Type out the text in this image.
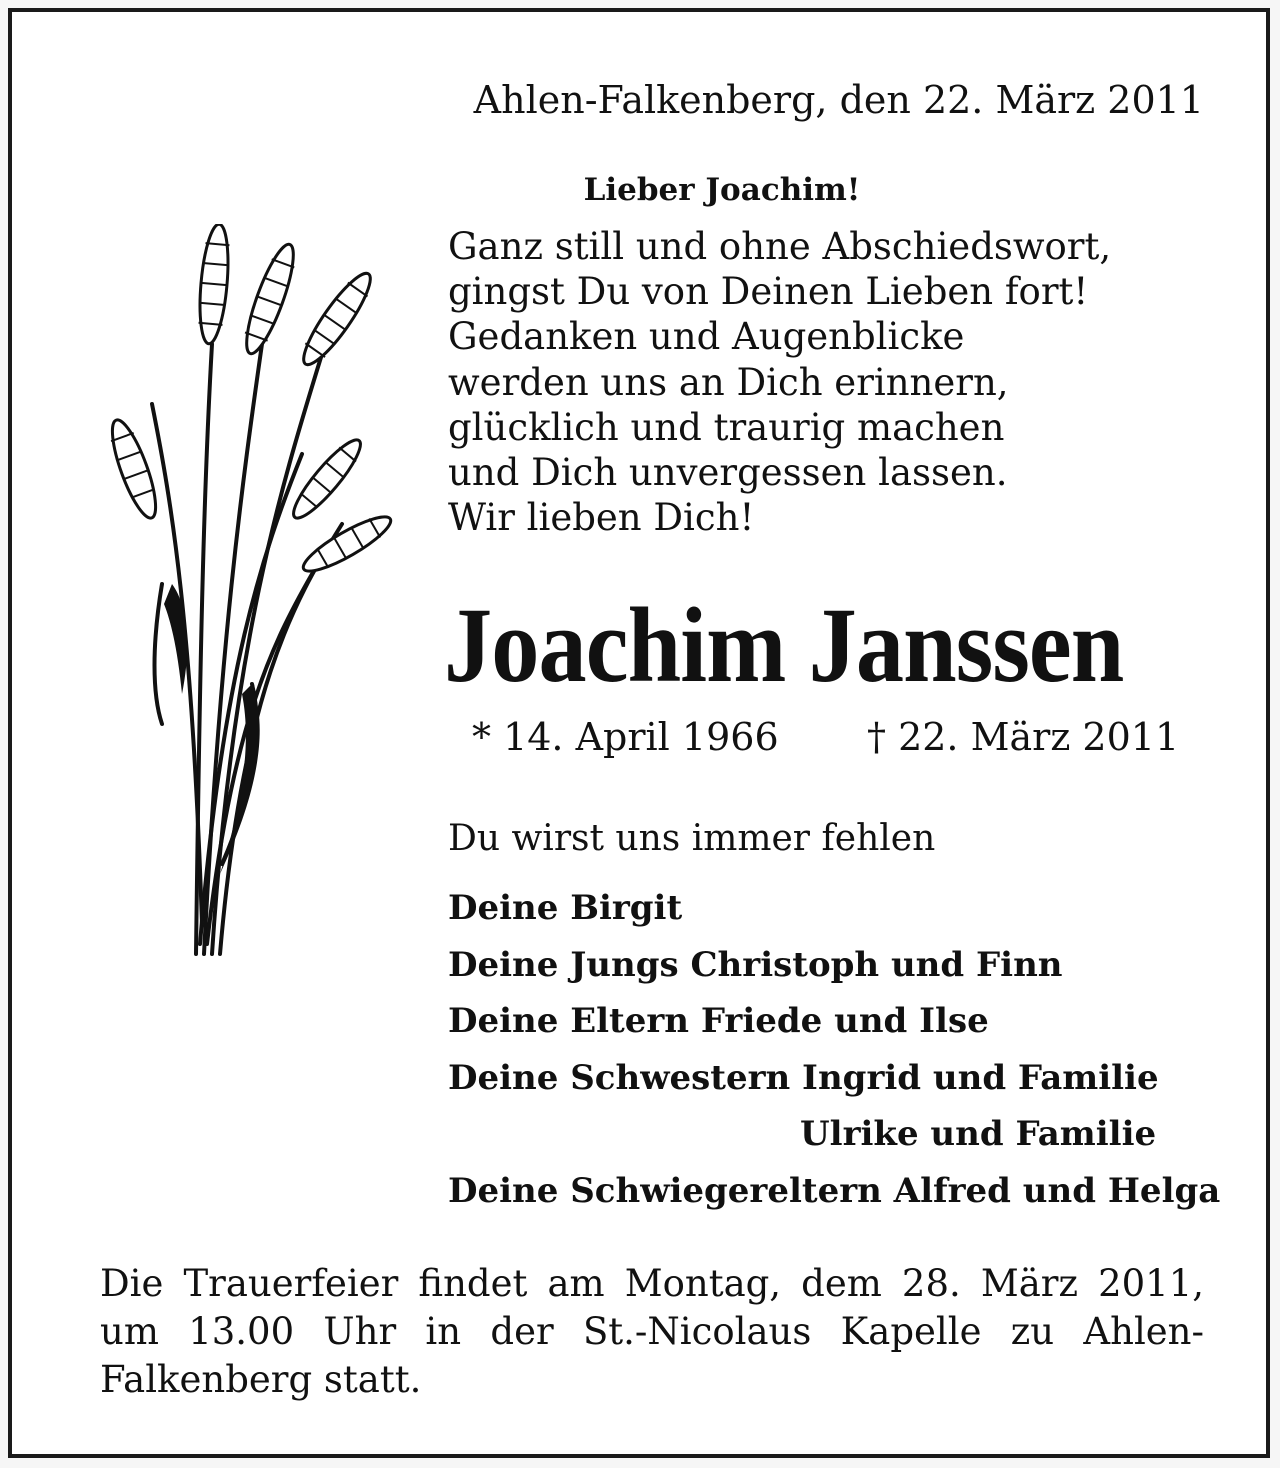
Ahlen-Falkenberg, den 22. März 2011
Lieber Joachim!
Ganz still und ohne Abschiedswort,
gingst Du von Deinen Lieben fort!
Gedanken und Augenblicke
werden uns an Dich erinnern,
glücklich und traurig machen
und Dich unvergessen lassen.
Wir lieben Dich!
Joachim Janssen
* 14. April 1966 † 22. März 2011
Du wirst uns immer fehlen
Deine Birgit
Deine Jungs Christoph und Finn
Deine Eltern Friede und Ilse
Deine Schwestern Ingrid und Familie
Ulrike und Familie
Deine Schwiegereltern Alfred und Helga
Die Trauerfeier findet am Montag, dem 28. März 2011,
um 13.00 Uhr in der St.-Nicolaus Kapelle zu Ahlen-
Falkenberg statt.
